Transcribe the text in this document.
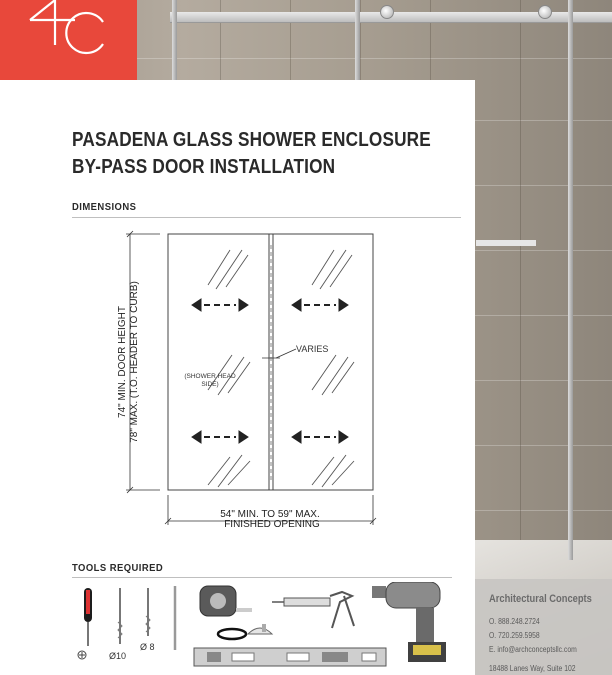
PASADENA GLASS SHOWER ENCLOSURE
BY-PASS DOOR INSTALLATION
DIMENSIONS
VARIES
(SHOWER HEAD
SIDE)
74" MIN. DOOR HEIGHT 78" MAX. (T.O. HEADER TO CURB)
54" MIN. TO 59" MAX.
FINISHED OPENING
TOOLS REQUIRED
Ø10
Ø 8
Architectural Concepts
O. 888.248.2724
O. 720.259.5958
E. info@archconceptsllc.com
18488 Lanes Way, Suite 102
